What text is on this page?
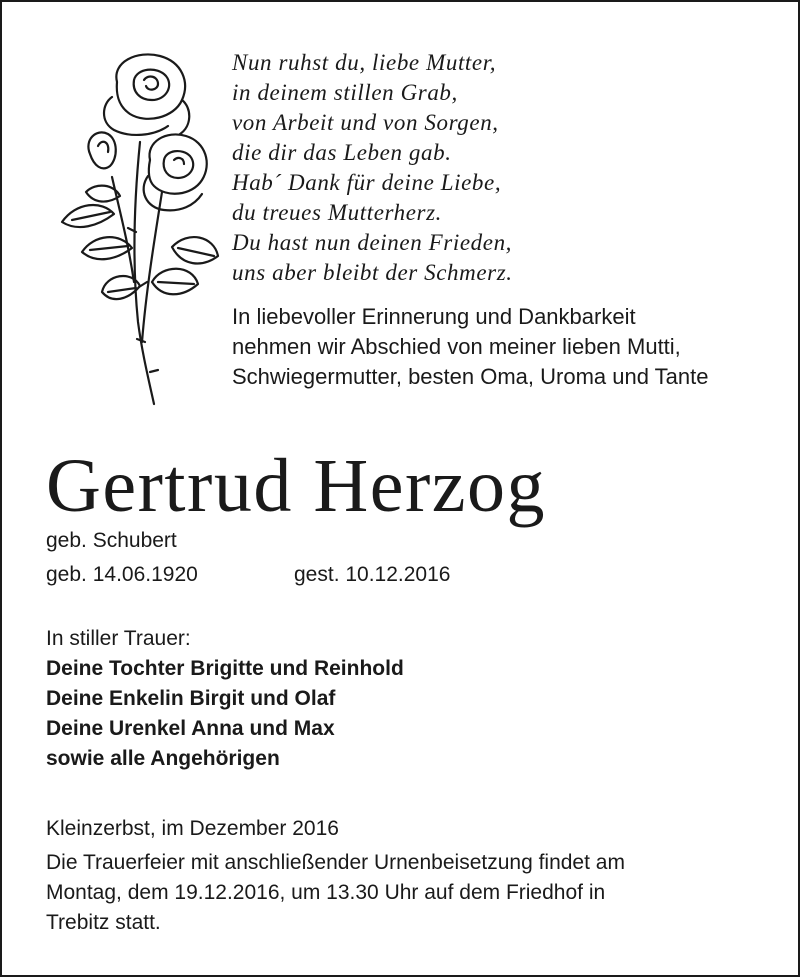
Nun ruhst du, liebe Mutter,
in deinem stillen Grab,
von Arbeit und von Sorgen,
die dir das Leben gab.
Hab´ Dank für deine Liebe,
du treues Mutterherz.
Du hast nun deinen Frieden,
uns aber bleibt der Schmerz.
In liebevoller Erinnerung und Dankbarkeit
nehmen wir Abschied von meiner lieben Mutti,
Schwiegermutter, besten Oma, Uroma und Tante
Gertrud Herzog
geb. Schubert
geb. 14.06.1920	gest. 10.12.2016
In stiller Trauer:
Deine Tochter Brigitte und Reinhold
Deine Enkelin Birgit und Olaf
Deine Urenkel Anna und Max
sowie alle Angehörigen
Kleinzerbst, im Dezember 2016
Die Trauerfeier mit anschließender Urnenbeisetzung findet am
Montag, dem 19.12.2016, um 13.30 Uhr auf dem Friedhof in
Trebitz statt.
